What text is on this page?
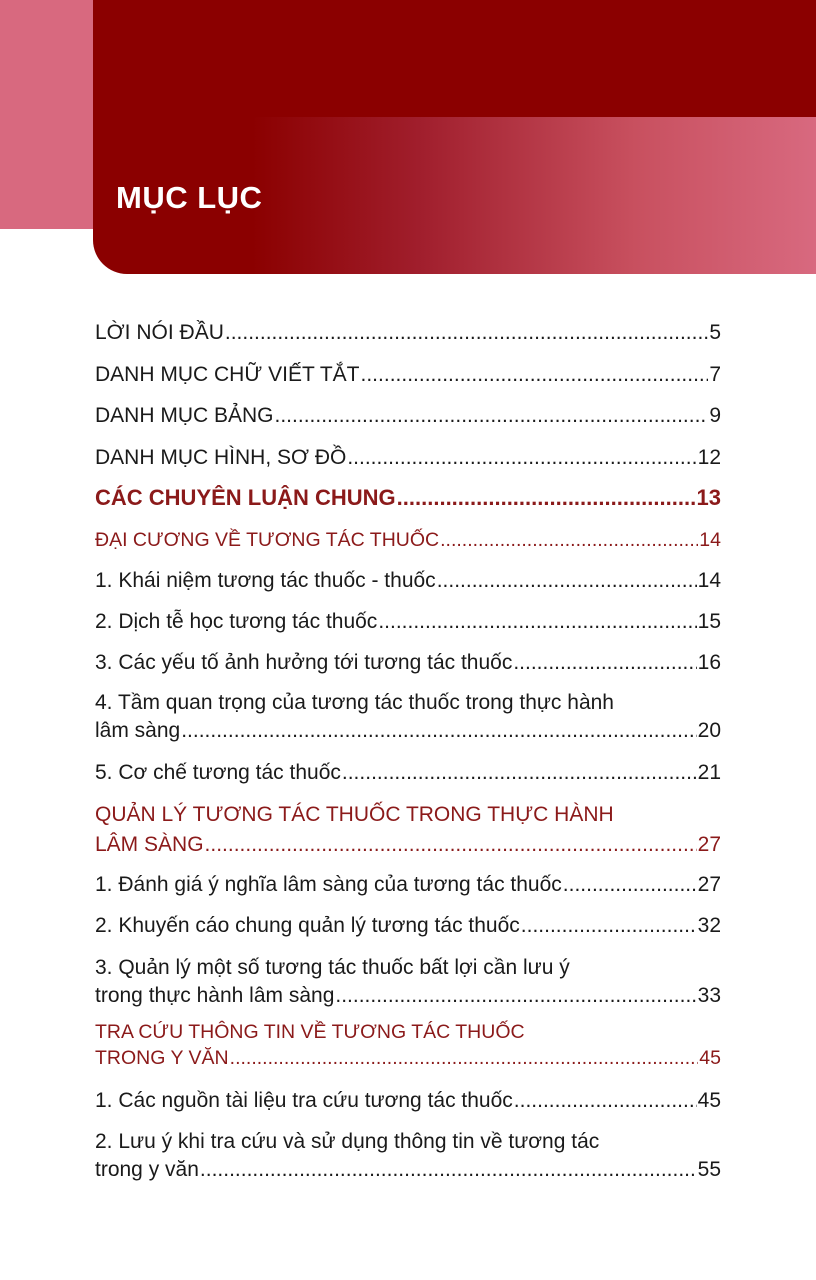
MỤC LỤC
LỜI NÓI ĐẦU .....	5
DANH MỤC CHỮ VIẾT TẮT .....	7
DANH MỤC BẢNG .....	9
DANH MỤC HÌNH, SƠ ĐỒ .....	12
CÁC CHUYÊN LUẬN CHUNG .....	13
ĐẠI CƯƠNG VỀ TƯƠNG TÁC THUỐC .....	14
1. Khái niệm tương tác thuốc - thuốc .....	14
2. Dịch tễ học tương tác thuốc .....	15
3. Các yếu tố ảnh hưởng tới tương tác thuốc .....	16
4. Tầm quan trọng của tương tác thuốc trong thực hành
lâm sàng .....	20
5. Cơ chế tương tác thuốc .....	21
QUẢN LÝ TƯƠNG TÁC THUỐC TRONG THỰC HÀNH
LÂM SÀNG .....	27
1. Đánh giá ý nghĩa lâm sàng của tương tác thuốc .....	27
2. Khuyến cáo chung quản lý tương tác thuốc .....	32
3. Quản lý một số tương tác thuốc bất lợi cần lưu ý
trong thực hành lâm sàng .....	33
TRA CỨU THÔNG TIN VỀ TƯƠNG TÁC THUỐC
TRONG Y VĂN .....	45
1. Các nguồn tài liệu tra cứu tương tác thuốc .....	45
2. Lưu ý khi tra cứu và sử dụng thông tin về tương tác
trong y văn .....	55
